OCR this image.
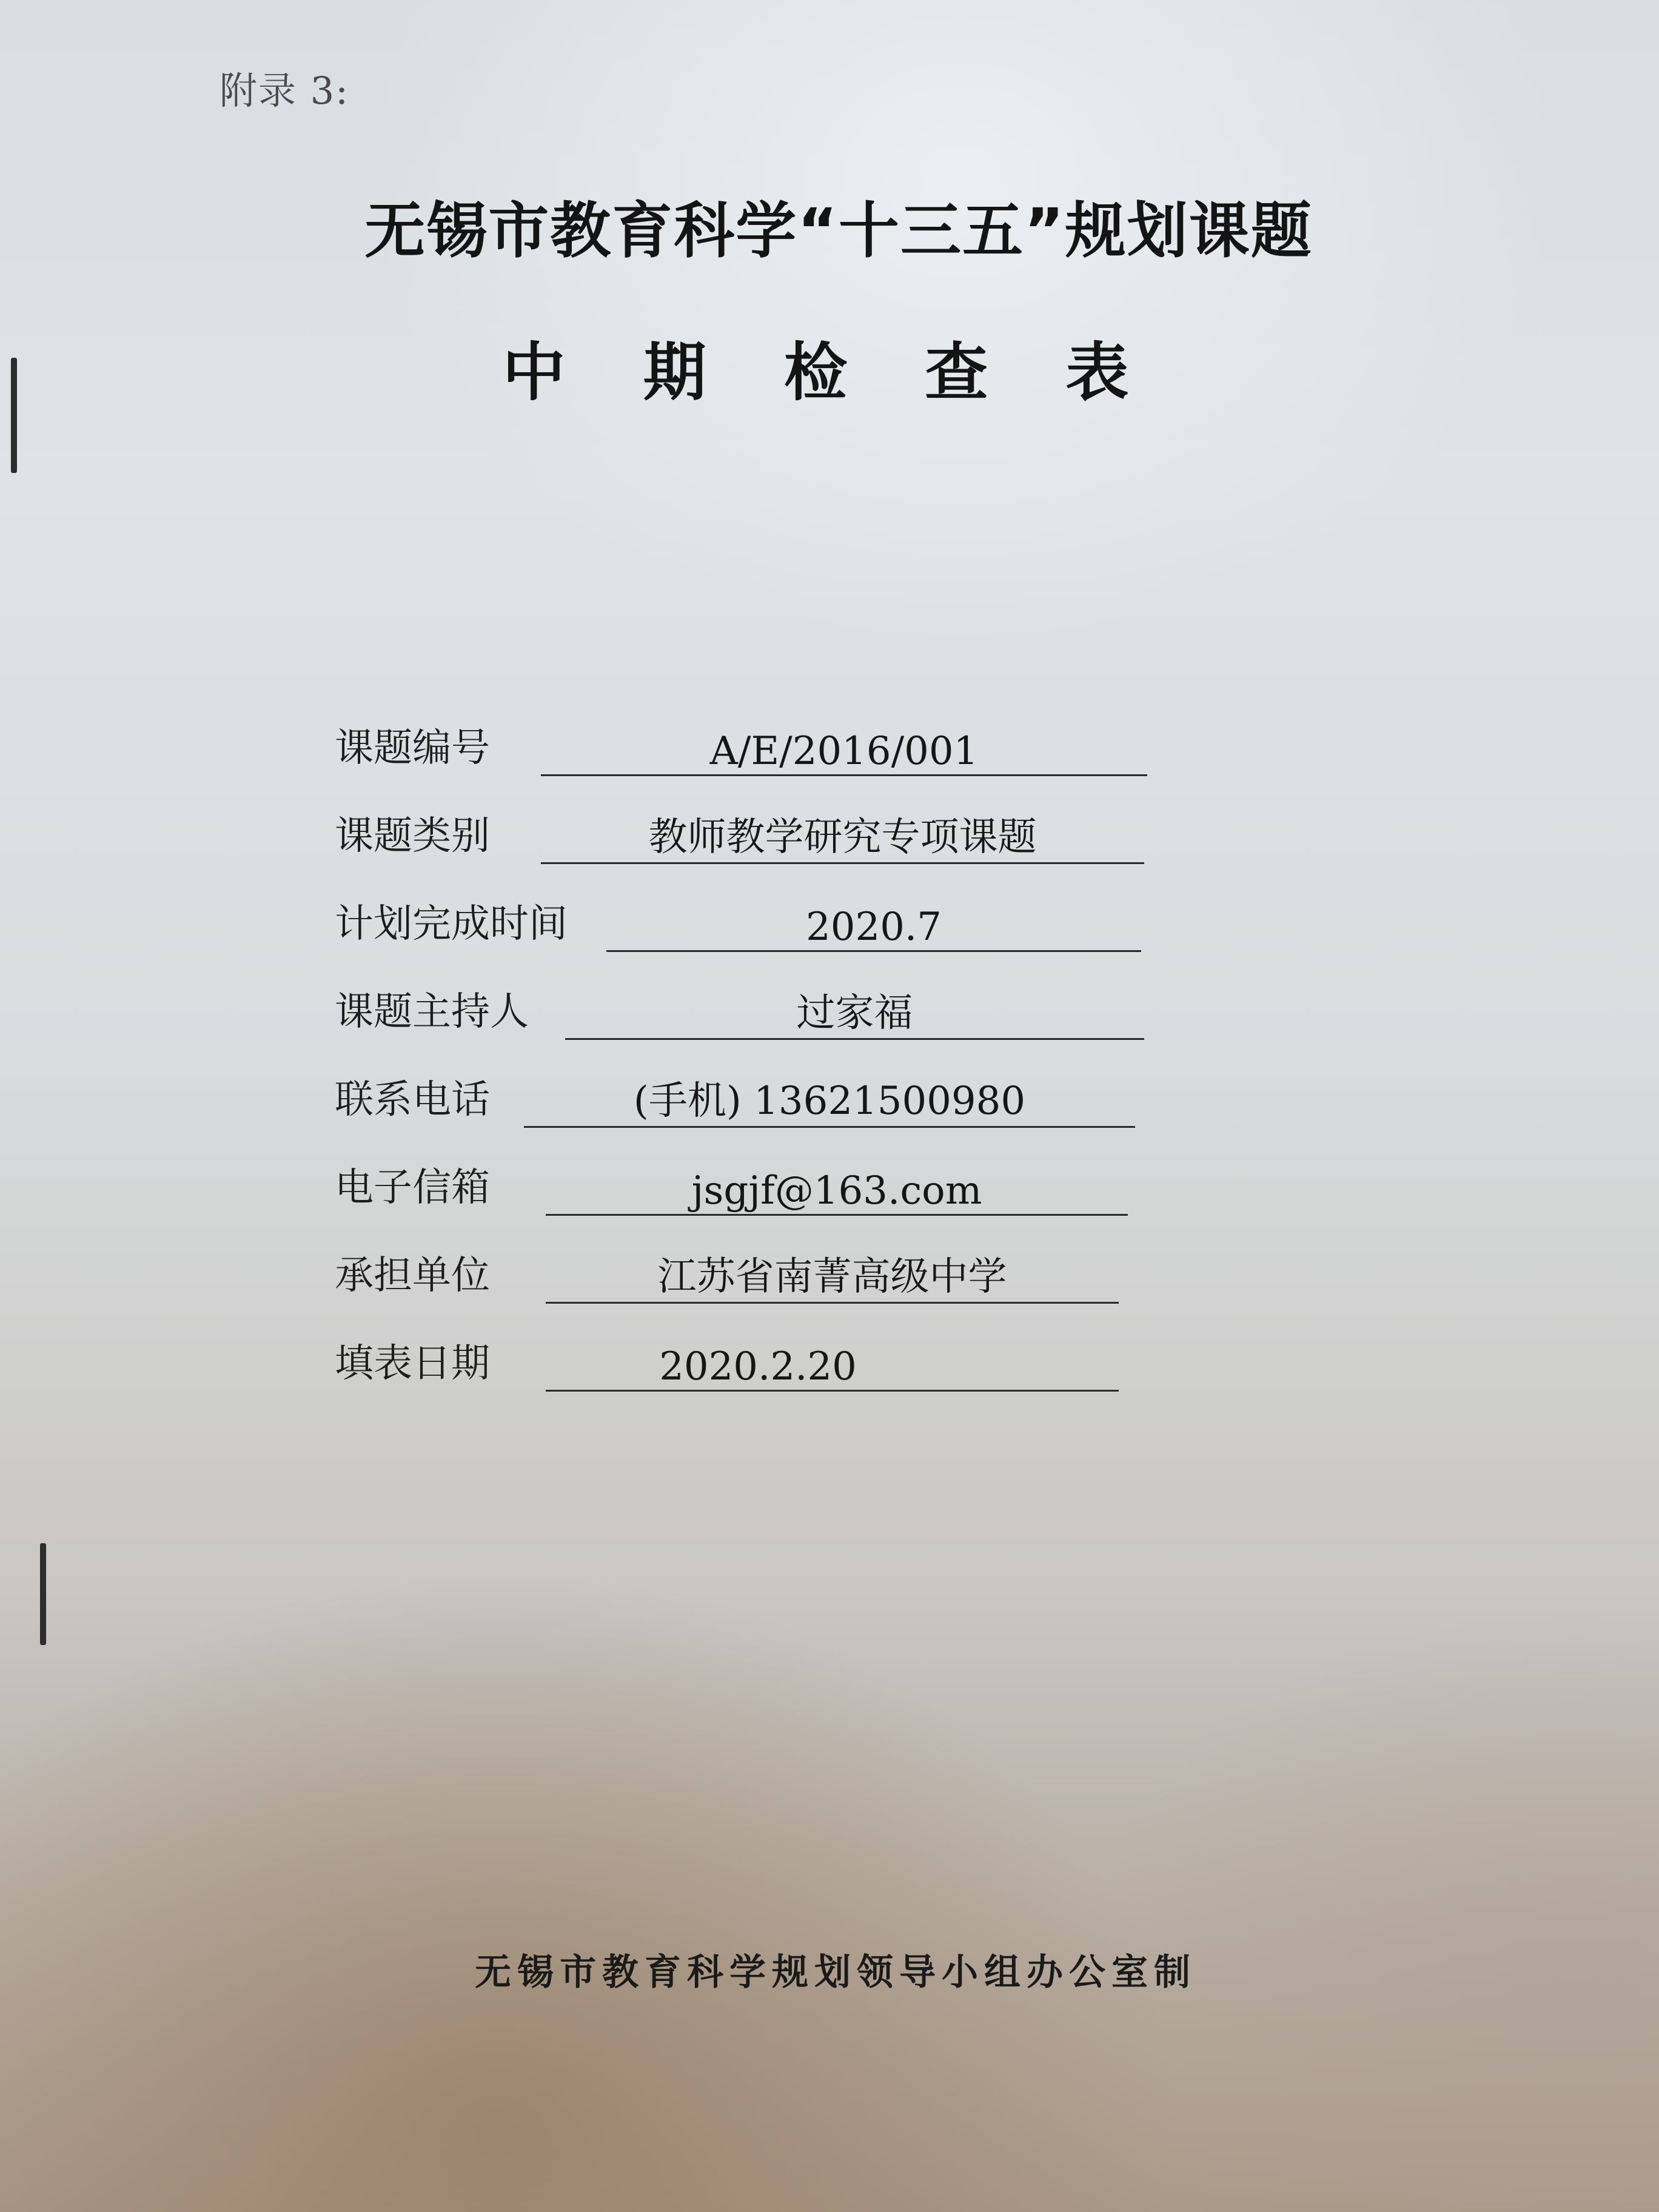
附录 3:
无锡市教育科学“十三五”规划课题
中 期 检 查 表
课题编号	A/E/2016/001
课题类别	教师教学研究专项课题
计划完成时间	2020.7
课题主持人	过家福
联系电话	(手机) 13621500980
电子信箱	jsgjf@163.com
承担单位	江苏省南菁高级中学
填表日期	2020.2.20
无锡市教育科学规划领导小组办公室制
